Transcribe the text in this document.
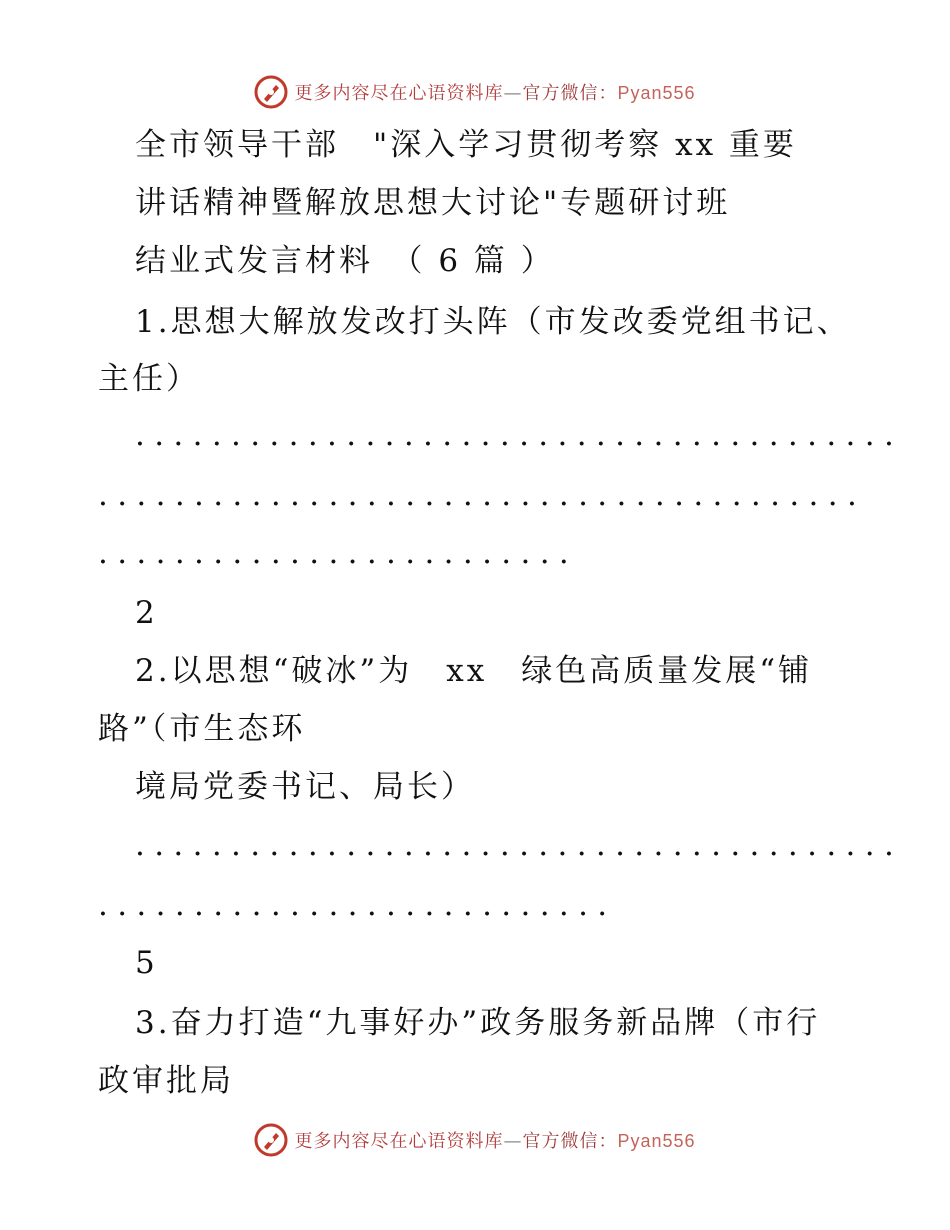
更多内容尽在心语资料库—官方微信：Pyan556
全市领导干部　"深入学习贯彻考察 xx 重要
讲话精神暨解放思想大讨论"专题研讨班
结业式发言材料　（ 6 篇 ）
1.思想大解放发改打头阵（市发改委党组书记、
主任）
........................................
........................................
.........................
2
2.以思想“破冰”为　xx　绿色高质量发展“铺
路”（市生态环
境局党委书记、局长）
........................................
...........................
5
3.奋力打造“九事好办”政务服务新品牌（市行
政审批局
更多内容尽在心语资料库—官方微信：Pyan556
